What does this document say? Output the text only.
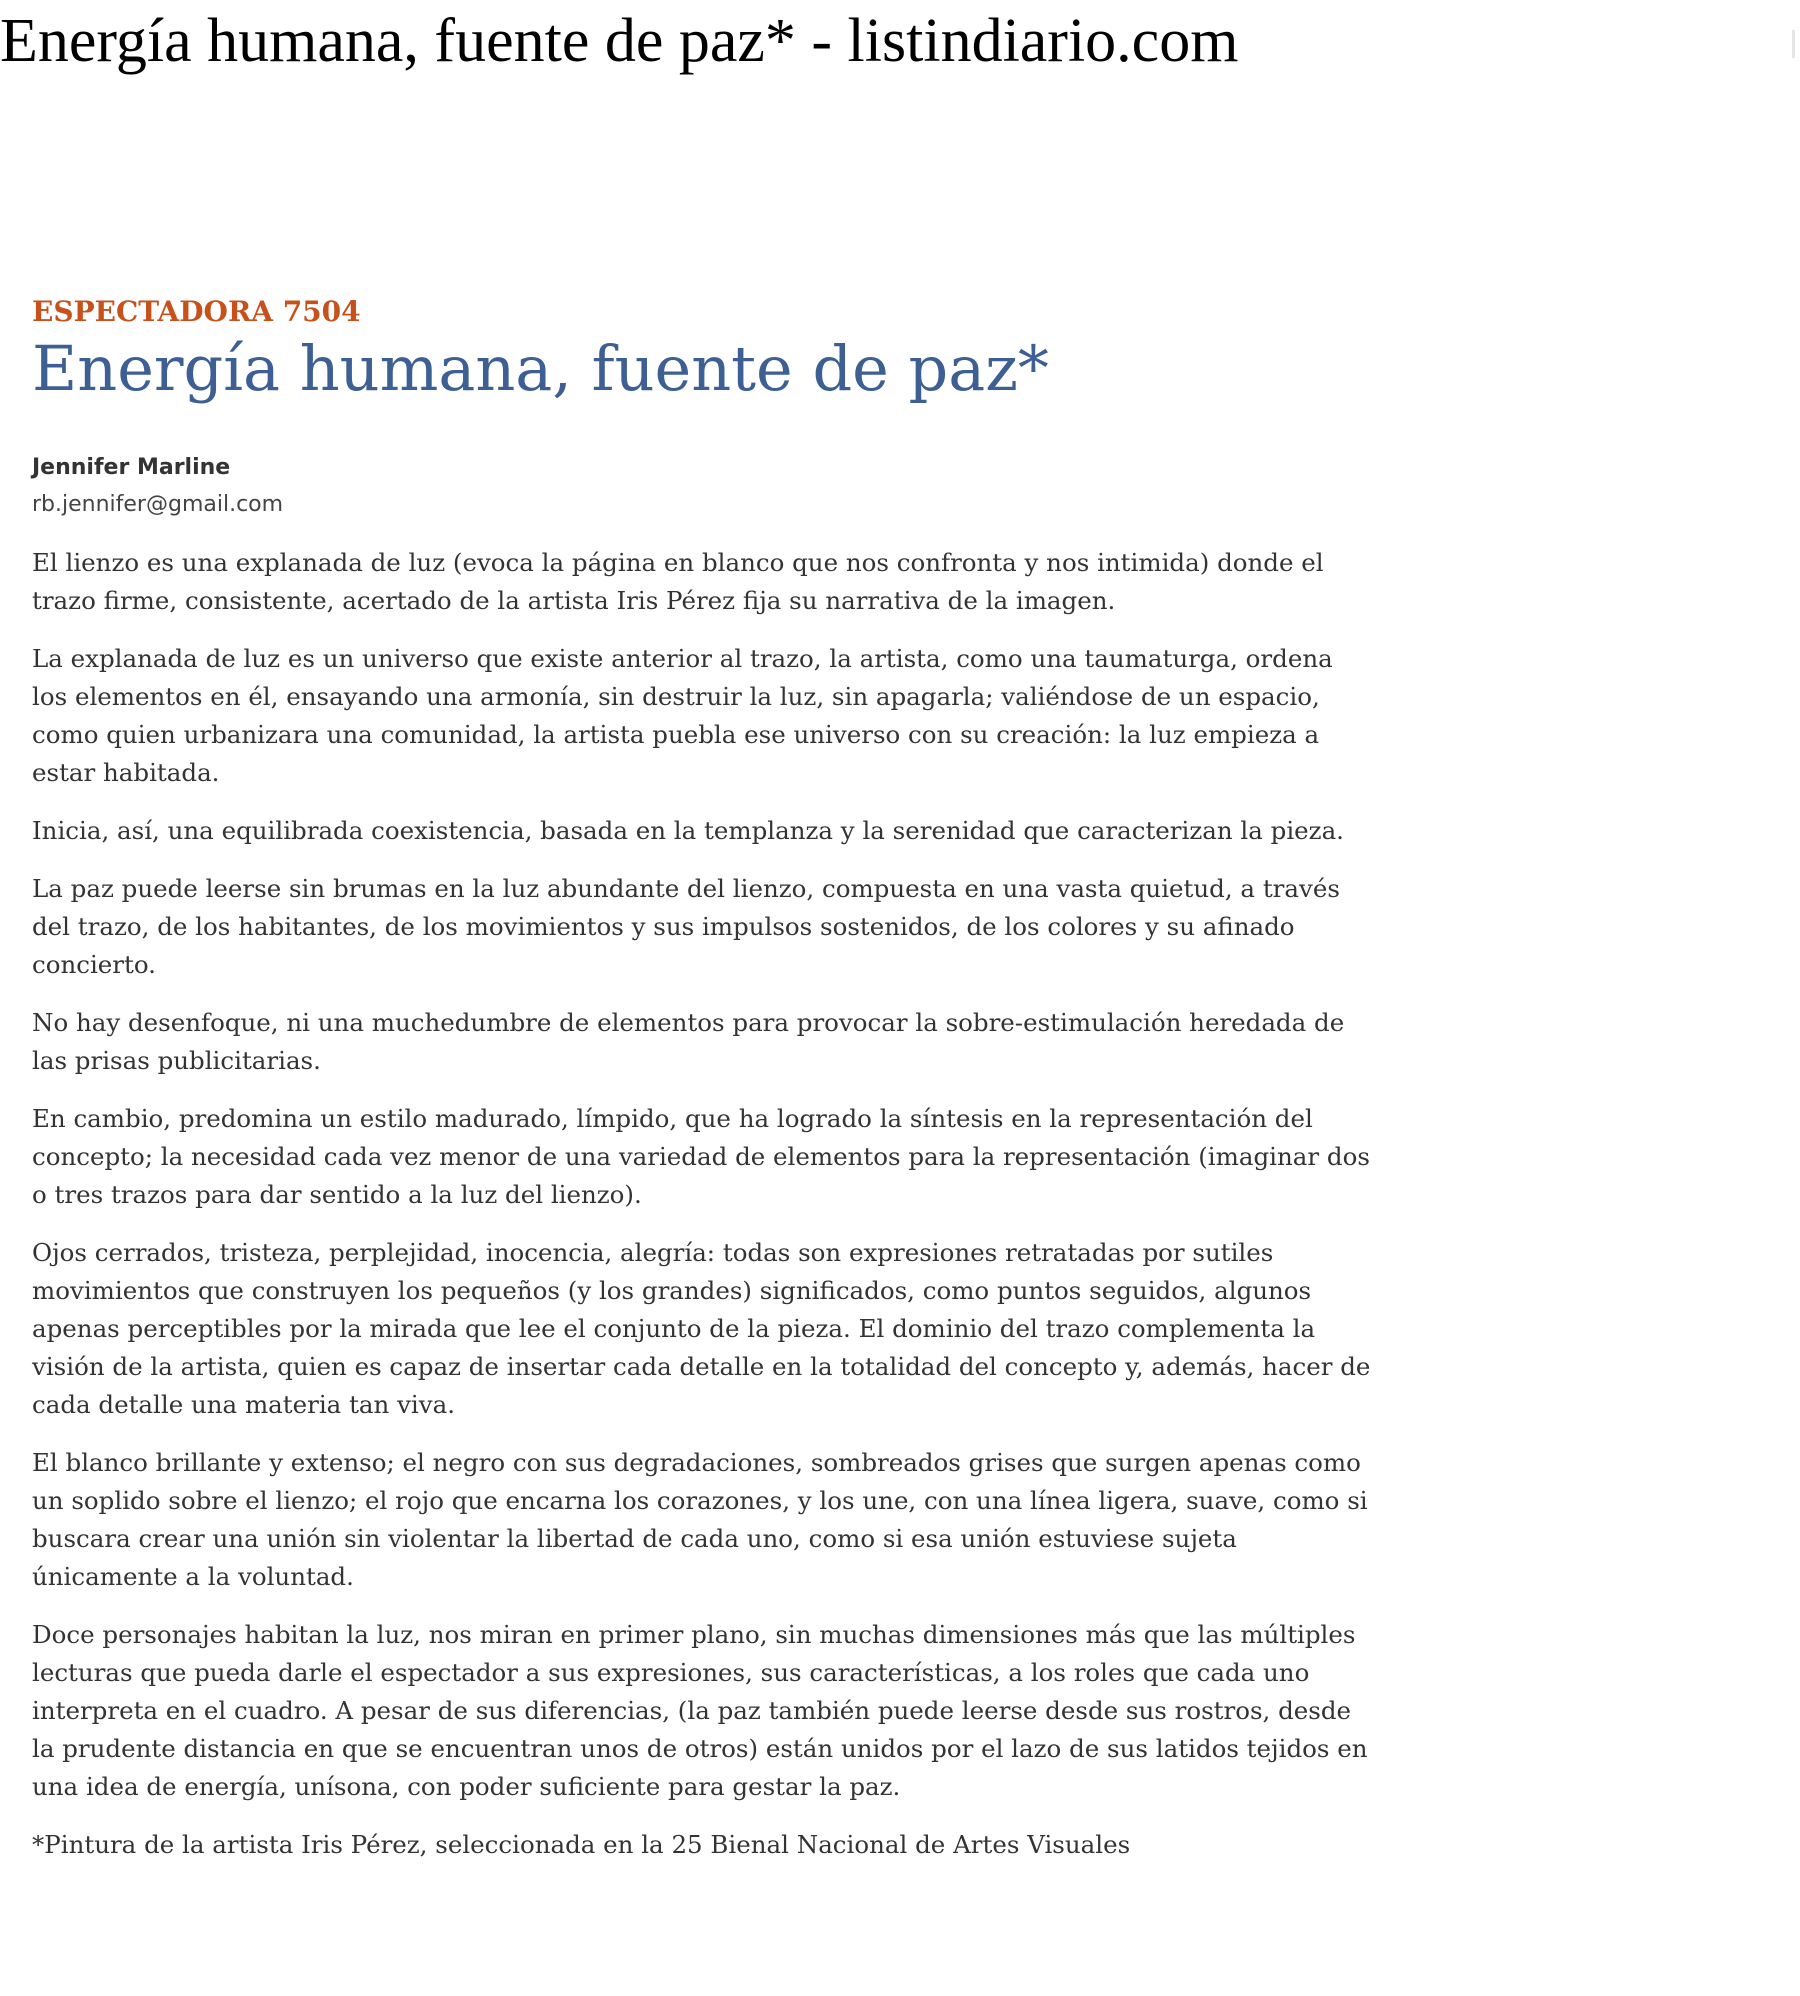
Energía humana, fuente de paz* - listindiario.com

ESPECTADORA 7504

Energía humana, fuente de paz*

Jennifer Marline

rb.jennifer@gmail.com

El lienzo es una explanada de luz (evoca la página en blanco que nos confronta y nos intimida) donde el trazo firme, consistente, acertado de la artista Iris Pérez fija su narrativa de la imagen.

La explanada de luz es un universo que existe anterior al trazo, la artista, como una taumaturga, ordena los elementos en él, ensayando una armonía, sin destruir la luz, sin apagarla; valiéndose de un espacio, como quien urbanizara una comunidad, la artista puebla ese universo con su creación: la luz empieza a estar habitada.

Inicia, así, una equilibrada coexistencia, basada en la templanza y la serenidad que caracterizan la pieza.

La paz puede leerse sin brumas en la luz abundante del lienzo, compuesta en una vasta quietud, a través del trazo, de los habitantes, de los movimientos y sus impulsos sostenidos, de los colores y su afinado concierto.

No hay desenfoque, ni una muchedumbre de elementos para provocar la sobre-estimulación heredada de las prisas publicitarias.

En cambio, predomina un estilo madurado, límpido, que ha logrado la síntesis en la representación del concepto; la necesidad cada vez menor de una variedad de elementos para la representación (imaginar dos o tres trazos para dar sentido a la luz del lienzo).

Ojos cerrados, tristeza, perplejidad, inocencia, alegría: todas son expresiones retratadas por sutiles movimientos que construyen los pequeños (y los grandes) significados, como puntos seguidos, algunos apenas perceptibles por la mirada que lee el conjunto de la pieza. El dominio del trazo complementa la visión de la artista, quien es capaz de insertar cada detalle en la totalidad del concepto y, además, hacer de cada detalle una materia tan viva.

El blanco brillante y extenso; el negro con sus degradaciones, sombreados grises que surgen apenas como un soplido sobre el lienzo; el rojo que encarna los corazones, y los une, con una línea ligera, suave, como si buscara crear una unión sin violentar la libertad de cada uno, como si esa unión estuviese sujeta únicamente a la voluntad.

Doce personajes habitan la luz, nos miran en primer plano, sin muchas dimensiones más que las múltiples lecturas que pueda darle el espectador a sus expresiones, sus características, a los roles que cada uno interpreta en el cuadro. A pesar de sus diferencias, (la paz también puede leerse desde sus rostros, desde la prudente distancia en que se encuentran unos de otros) están unidos por el lazo de sus latidos tejidos en una idea de energía, unísona, con poder suficiente para gestar la paz.

*Pintura de la artista Iris Pérez, seleccionada en la 25 Bienal Nacional de Artes Visuales
